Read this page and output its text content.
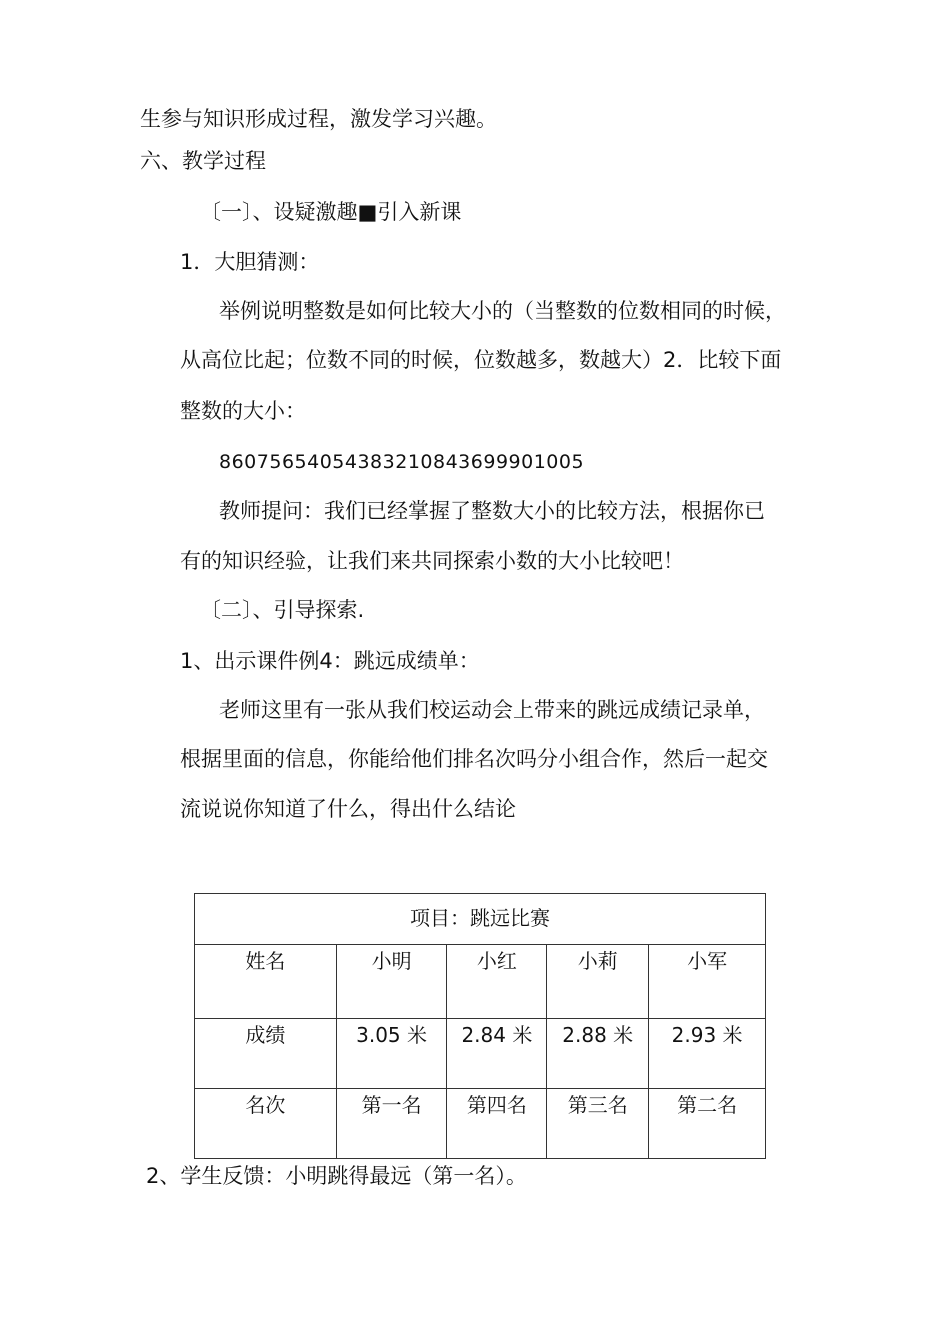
生参与知识形成过程，激发学习兴趣。
六、教学过程
〔一〕、设疑激趣■引入新课
1．大胆猜测：
举例说明整数是如何比较大小的（当整数的位数相同的时候，
从高位比起；位数不同的时候，位数越多，数越大）2．比较下面
整数的大小：
86075654054383210843699901005
教师提问：我们已经掌握了整数大小的比较方法，根据你已
有的知识经验，让我们来共同探索小数的大小比较吧！
〔二〕、引导探索.
1、出示课件例4：跳远成绩单：
老师这里有一张从我们校运动会上带来的跳远成绩记录单，
根据里面的信息，你能给他们排名次吗分小组合作，然后一起交
流说说你知道了什么，得出什么结论
项目：跳远比赛				
姓名	小明	小红	小莉	小军
成绩	3.05 米	2.84 米	2.88 米	2.93 米
名次	第一名	第四名	第三名	第二名
2、学生反馈：小明跳得最远（第一名）。
